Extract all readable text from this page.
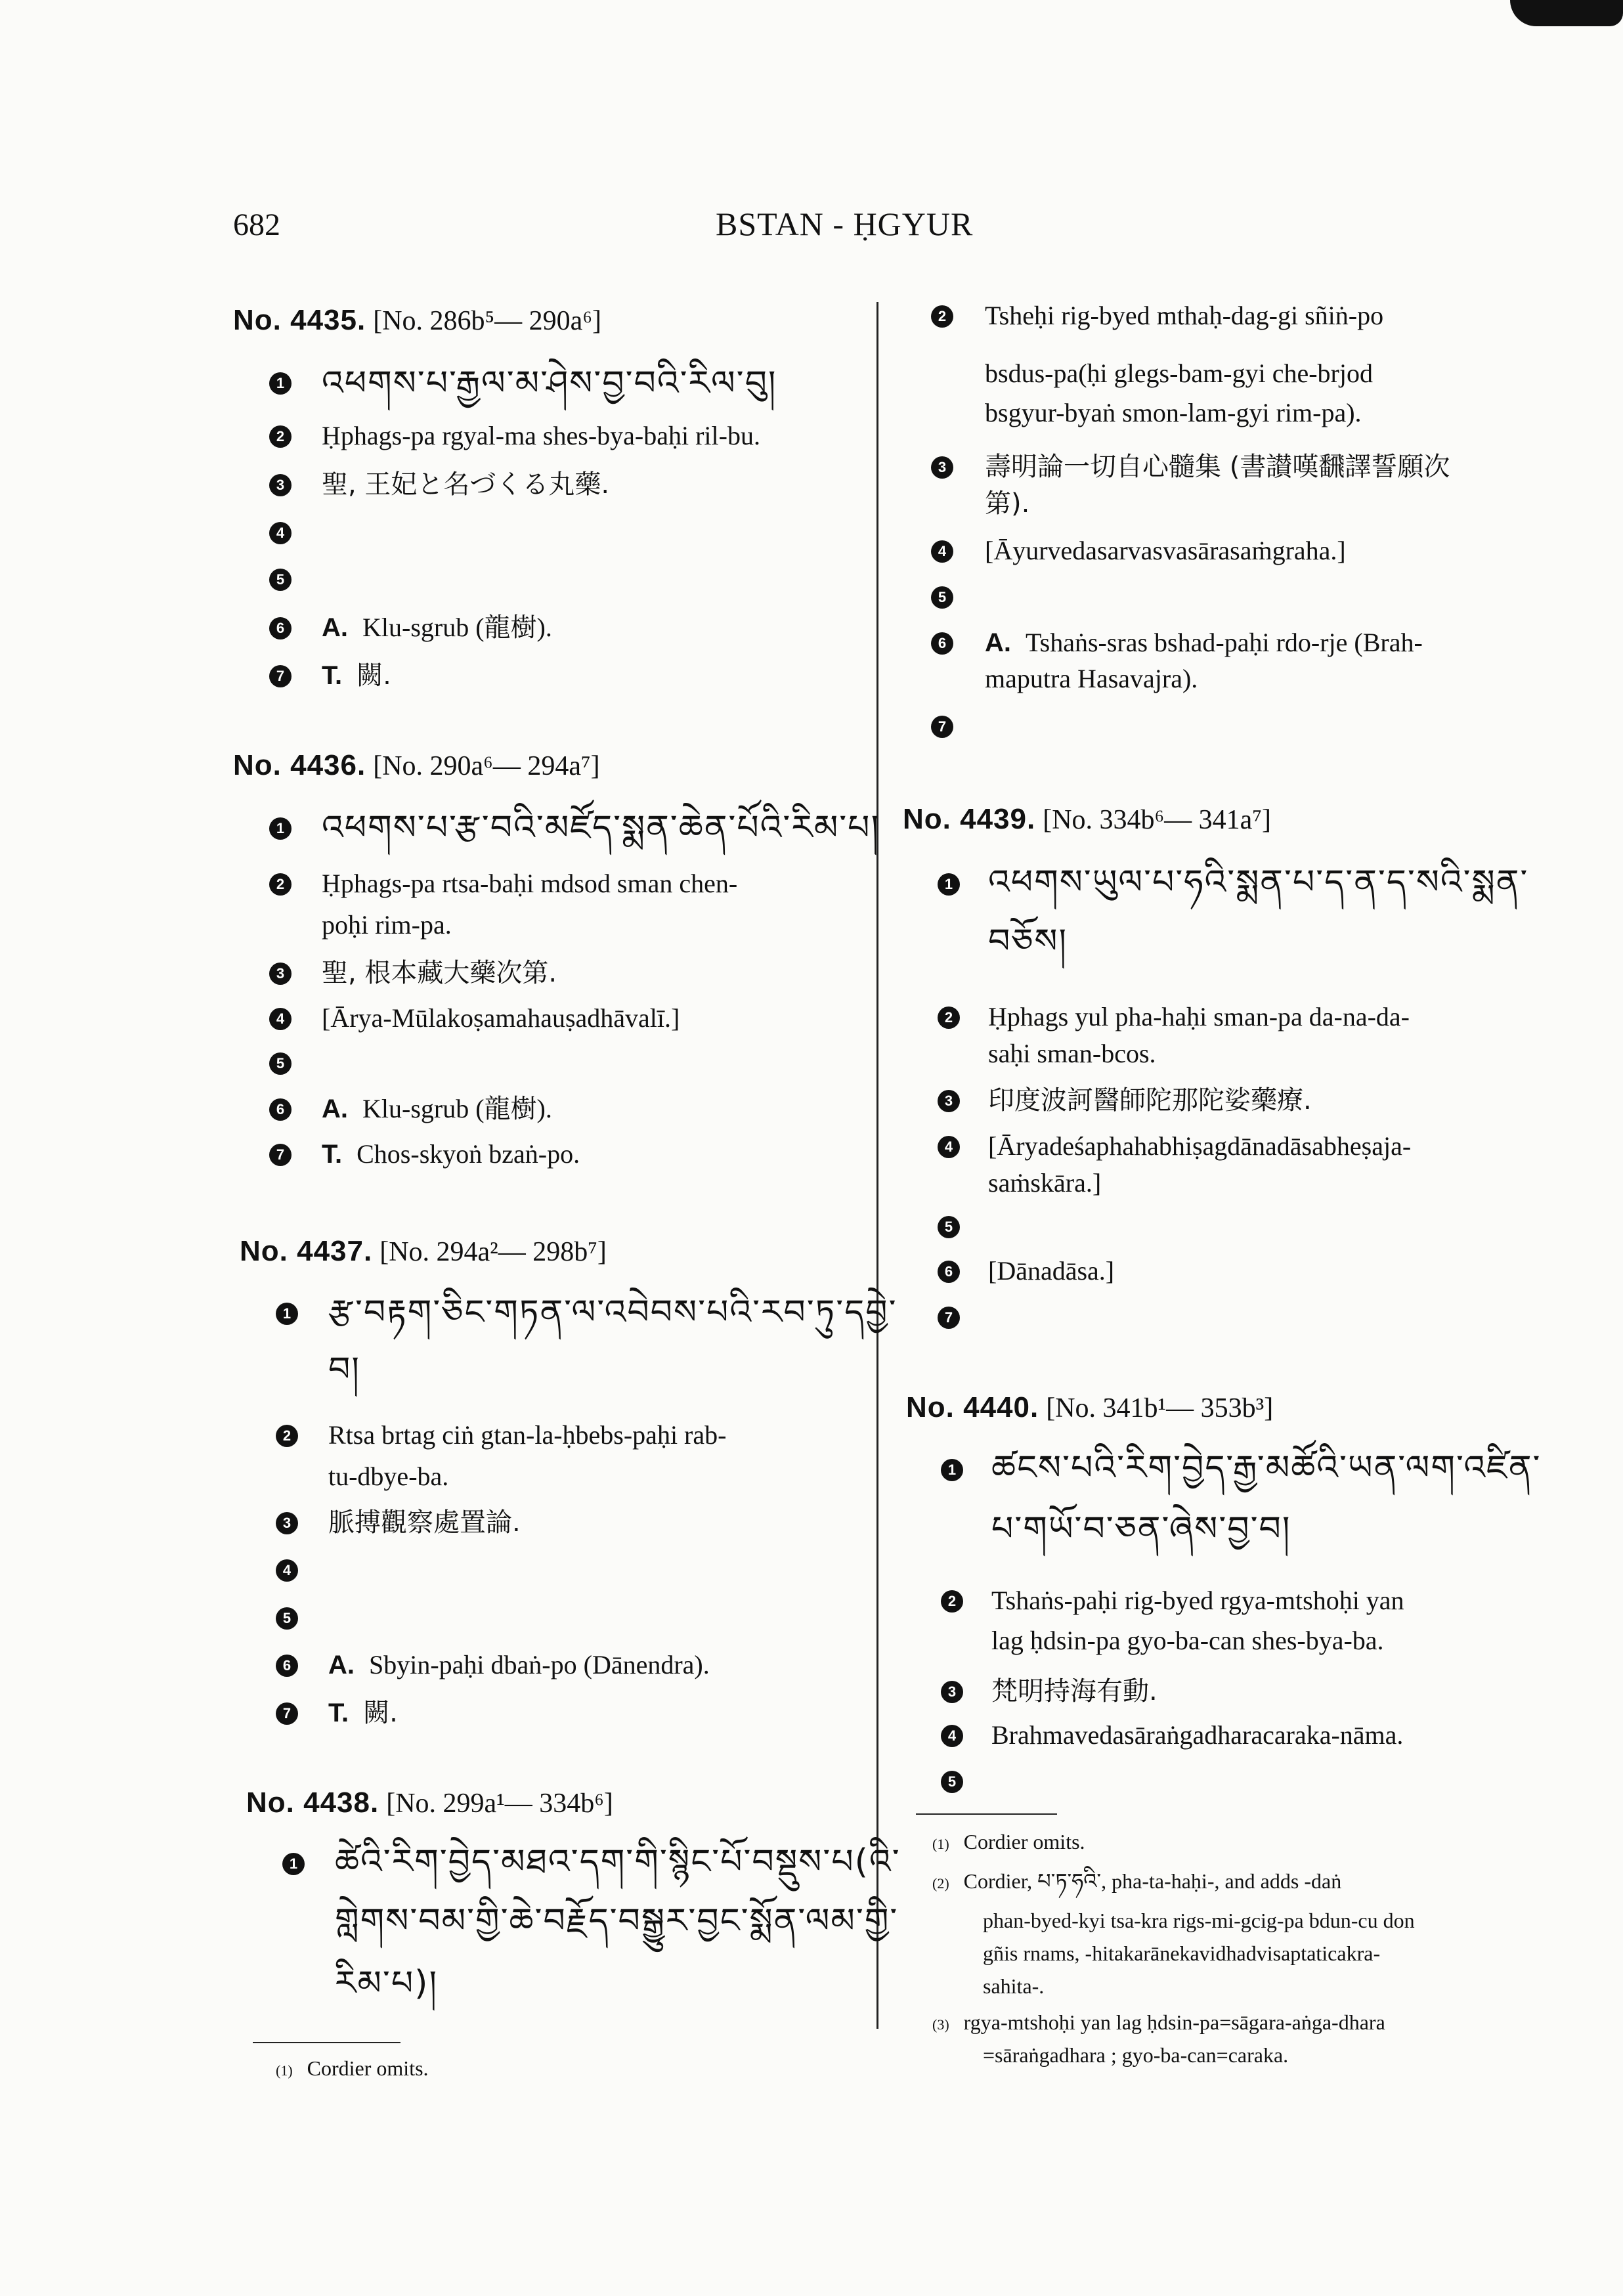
682	BSTAN - ḤGYUR
No. 4435. [No. 286b⁵— 290a⁶]
1 འཕགས་པ་རྒྱལ་མ་ཤེས་བྱ་བའི་རིལ་བུ།
2 Ḥphags-pa rgyal-ma shes-bya-baḥi ril-bu.
3 聖, 王妃と名づくる丸藥.
4
5
6 A. Klu-sgrub (龍樹).
7 T. 闕.
No. 4436. [No. 290a⁶— 294a⁷]
1 འཕགས་པ་རྩ་བའི་མཛོད་སྨན་ཆེན་པོའི་རིམ་པ།
2 Ḥphags-pa rtsa-baḥi mdsod sman chen-
poḥi rim-pa.
3 聖, 根本藏大藥次第.
4 [Ārya-Mūlakoṣamahauṣadhāvalī.]
5
6 A. Klu-sgrub (龍樹).
7 T. Chos-skyoṅ bzaṅ-po.
No. 4437. [No. 294a²— 298b⁷]
1 རྩ་བརྟག་ཅིང་གཏན་ལ་འབེབས་པའི་རབ་ཏུ་དབྱེ་
བ།
2 Rtsa brtag ciṅ gtan-la-ḥbebs-paḥi rab-
tu-dbye-ba.
3 脈搏觀察處置論.
4
5
6 A. Sbyin-paḥi dbaṅ-po (Dānendra).
7 T. 闕.
No. 4438. [No. 299a¹— 334b⁶]
1 ཚེའི་རིག་བྱེད་མཐའ་དག་གི་སྙིང་པོ་བསྡུས་པ(འི་
གླེགས་བམ་གྱི་ཆེ་བརྗོད་བསྒྱུར་བྱང་སྨོན་ལམ་གྱི་
རིམ་པ)།
(1) Cordier omits.
2 Tsheḥi rig-byed mthaḥ-dag-gi sñiṅ-po
bsdus-pa(ḥi glegs-bam-gyi che-brjod
bsgyur-byaṅ smon-lam-gyi rim-pa).
3 壽明論一切自心髓集 (書讃嘆飜譯誓願次
第).
4 [Āyurvedasarvasvasārasaṁgraha.]
5
6 A. Tshaṅs-sras bshad-paḥi rdo-rje (Brah-
maputra Hasavajra).
7
No. 4439. [No. 334b⁶— 341a⁷]
1 འཕགས་ཡུལ་པ་ཧའི་སྨན་པ་ད་ན་ད་སའི་སྨན་
བཅོས།
2 Ḥphags yul pha-haḥi sman-pa da-na-da-
saḥi sman-bcos.
3 印度波訶醫師陀那陀娑藥療.
4 [Āryadeśaphahabhiṣagdānadāsabheṣaja-
saṁskāra.]
5
6 [Dānadāsa.]
7
No. 4440. [No. 341b¹— 353b³]
1 ཚངས་པའི་རིག་བྱེད་རྒྱ་མཚོའི་ཡན་ལག་འཛིན་
པ་གཡོ་བ་ཅན་ཞེས་བྱ་བ།
2 Tshaṅs-paḥi rig-byed rgya-mtshoḥi yan
lag ḥdsin-pa gyo-ba-can shes-bya-ba.
3 梵明持海有動.
4 Brahmavedasāraṅgadharacaraka-nāma.
5
(1) Cordier omits.
(2) Cordier, པ་ཏ་ཧའི་, pha-ta-haḥi-, and adds -daṅ
phan-byed-kyi tsa-kra rigs-mi-gcig-pa bdun-cu don
gñis rnams, -hitakarānekavidhadvisaptaticakra-
sahita-.
(3) rgya-mtshoḥi yan lag ḥdsin-pa=sāgara-aṅga-dhara
=sāraṅgadhara ; gyo-ba-can=caraka.
